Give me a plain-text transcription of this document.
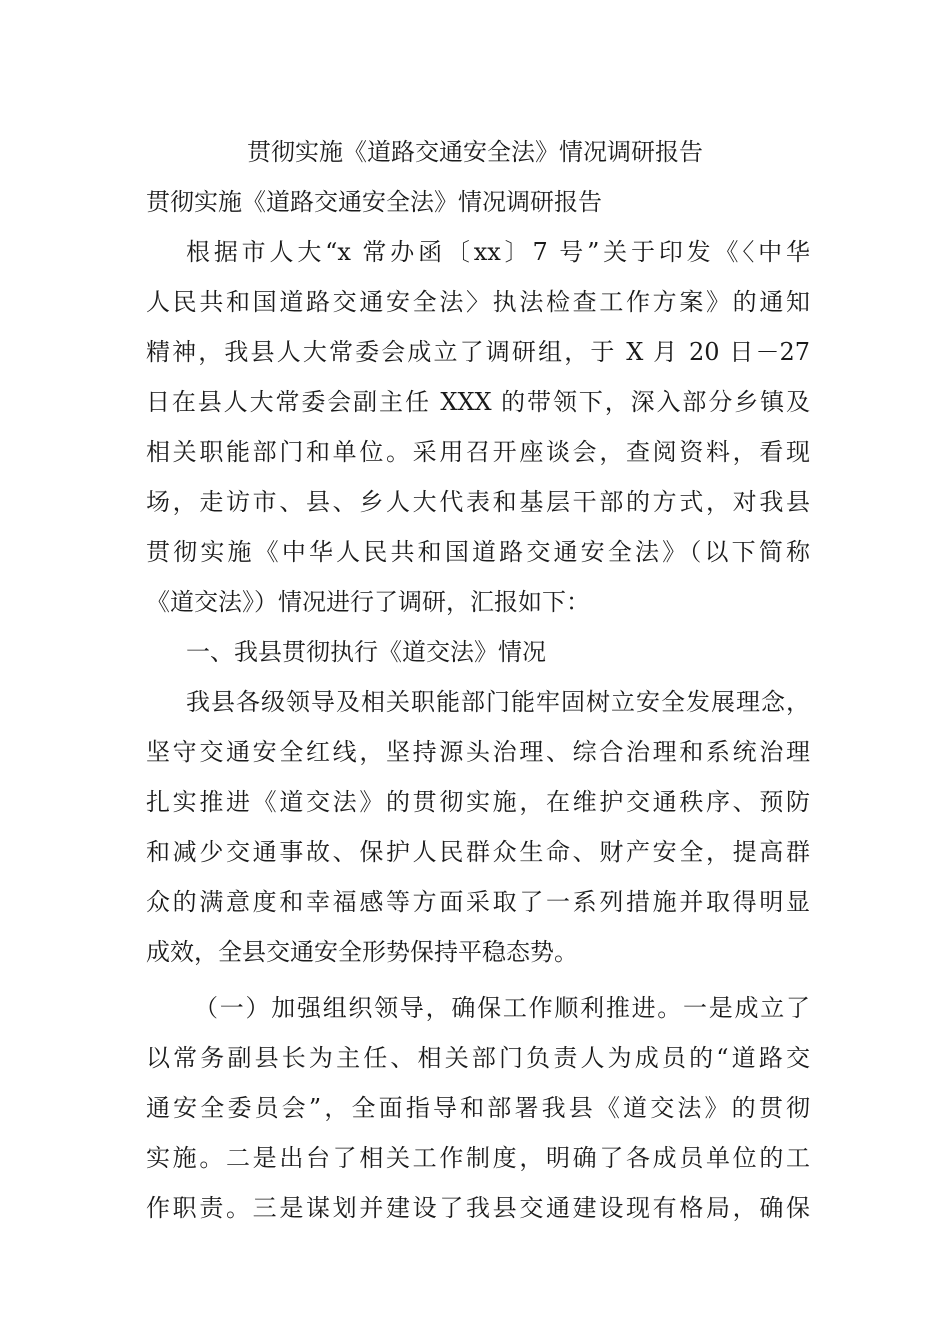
贯彻实施《道路交通安全法》情况调研报告
贯彻实施《道路交通安全法》情况调研报告
根据市人大“x 常办函〔xx〕7 号”关于印发《〈中华
人民共和国道路交通安全法〉执法检查工作方案》的通知
精神，我县人大常委会成立了调研组，于 X 月 20 日－27
日在县人大常委会副主任 XXX 的带领下，深入部分乡镇及
相关职能部门和单位。采用召开座谈会，查阅资料，看现
场，走访市、县、乡人大代表和基层干部的方式，对我县
贯彻实施《中华人民共和国道路交通安全法》（以下简称
《道交法》）情况进行了调研，汇报如下：
一、我县贯彻执行《道交法》情况
我县各级领导及相关职能部门能牢固树立安全发展理念，
坚守交通安全红线，坚持源头治理、综合治理和系统治理
扎实推进《道交法》的贯彻实施，在维护交通秩序、预防
和减少交通事故、保护人民群众生命、财产安全，提高群
众的满意度和幸福感等方面采取了一系列措施并取得明显
成效，全县交通安全形势保持平稳态势。
（一）加强组织领导，确保工作顺利推进。一是成立了
以常务副县长为主任、相关部门负责人为成员的“道路交
通安全委员会”，全面指导和部署我县《道交法》的贯彻
实施。二是出台了相关工作制度，明确了各成员单位的工
作职责。三是谋划并建设了我县交通建设现有格局，确保
